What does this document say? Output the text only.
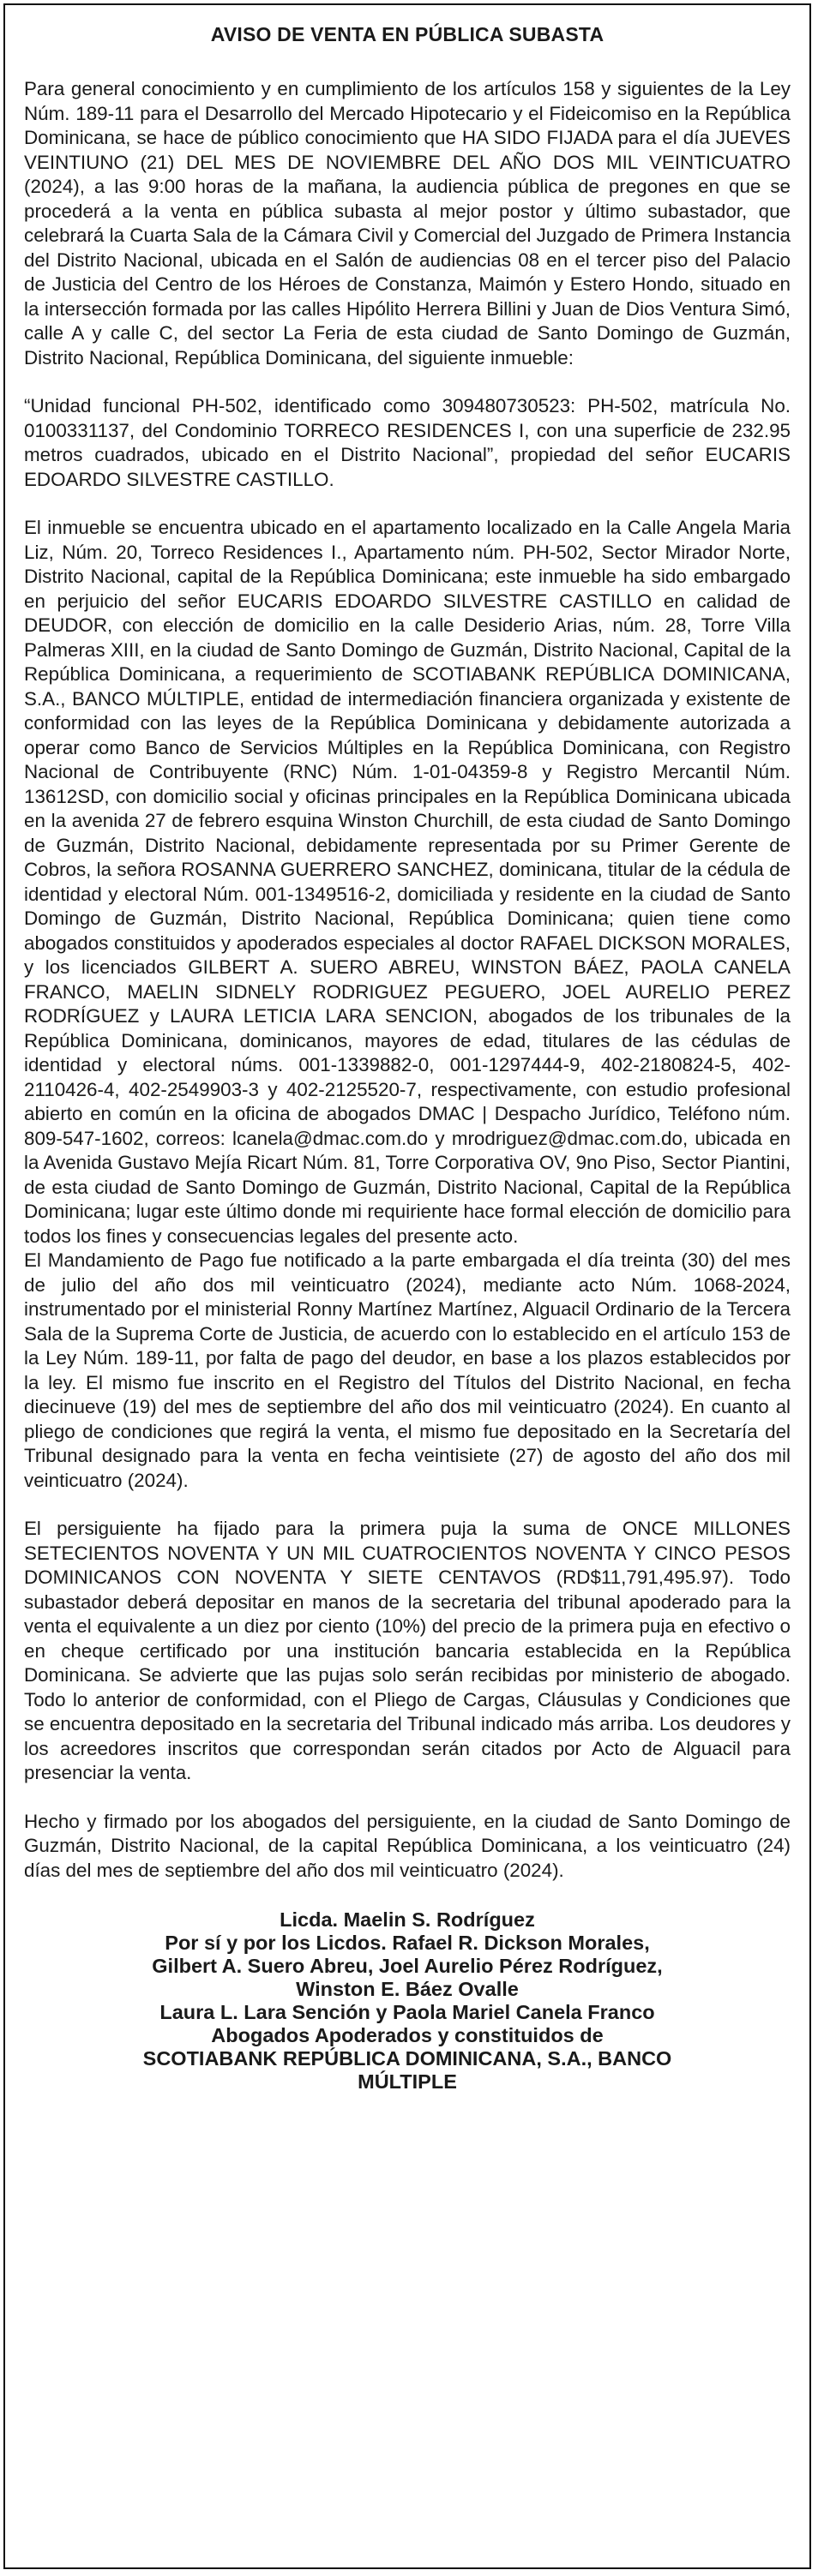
AVISO DE VENTA EN PÚBLICA SUBASTA

Para general conocimiento y en cumplimiento de los artículos 158 y siguientes de la Ley Núm. 189-11 para el Desarrollo del Mercado Hipotecario y el Fideicomiso en la República Dominicana, se hace de público conocimiento que HA SIDO FIJADA para el día JUEVES VEINTIUNO (21) DEL MES DE NOVIEMBRE DEL AÑO DOS MIL VEINTICUATRO (2024), a las 9:00 horas de la mañana, la audiencia pública de pregones en que se procederá a la venta en pública subasta al mejor postor y último subastador, que celebrará la Cuarta Sala de la Cámara Civil y Comercial del Juzgado de Primera Instancia del Distrito Nacional, ubicada en el Salón de audiencias 08 en el tercer piso del Palacio de Justicia del Centro de los Héroes de Constanza, Maimón y Estero Hondo, situado en la intersección formada por las calles Hipólito Herrera Billini y Juan de Dios Ventura Simó, calle A y calle C, del sector La Feria de esta ciudad de Santo Domingo de Guzmán, Distrito Nacional, República Dominicana, del siguiente inmueble:

“Unidad funcional PH-502, identificado como 309480730523: PH-502, matrícula No. 0100331137, del Condominio TORRECO RESIDENCES I, con una superficie de 232.95 metros cuadrados, ubicado en el Distrito Nacional”, propiedad del señor EUCARIS EDOARDO SILVESTRE CASTILLO.

El inmueble se encuentra ubicado en el apartamento localizado en la Calle Angela Maria Liz, Núm. 20, Torreco Residences I., Apartamento núm. PH-502, Sector Mirador Norte, Distrito Nacional, capital de la República Dominicana; este inmueble ha sido embargado en perjuicio del señor EUCARIS EDOARDO SILVESTRE CASTILLO en calidad de DEUDOR, con elección de domicilio en la calle Desiderio Arias, núm. 28, Torre Villa Palmeras XIII, en la ciudad de Santo Domingo de Guzmán, Distrito Nacional, Capital de la República Dominicana, a requerimiento de SCOTIABANK REPÚBLICA DOMINICANA, S.A., BANCO MÚLTIPLE, entidad de intermediación financiera organizada y existente de conformidad con las leyes de la República Dominicana y debidamente autorizada a operar como Banco de Servicios Múltiples en la República Dominicana, con Registro Nacional de Contribuyente (RNC) Núm. 1-01-04359-8 y Registro Mercantil Núm. 13612SD, con domicilio social y oficinas principales en la República Dominicana ubicada en la avenida 27 de febrero esquina Winston Churchill, de esta ciudad de Santo Domingo de Guzmán, Distrito Nacional, debidamente representada por su Primer Gerente de Cobros, la señora ROSANNA GUERRERO SANCHEZ, dominicana, titular de la cédula de identidad y electoral Núm. 001-1349516-2, domiciliada y residente en la ciudad de Santo Domingo de Guzmán, Distrito Nacional, República Dominicana; quien tiene como abogados constituidos y apoderados especiales al doctor RAFAEL DICKSON MORALES, y los licenciados GILBERT A. SUERO ABREU, WINSTON BÁEZ, PAOLA CANELA FRANCO, MAELIN SIDNELY RODRIGUEZ PEGUERO, JOEL AURELIO PEREZ RODRÍGUEZ y LAURA LETICIA LARA SENCION, abogados de los tribunales de la República Dominicana, dominicanos, mayores de edad, titulares de las cédulas de identidad y electoral núms. 001-1339882-0, 001-1297444-9, 402-2180824-5, 402-2110426-4, 402-2549903-3 y 402-2125520-7, respectivamente, con estudio profesional abierto en común en la oficina de abogados DMAC | Despacho Jurídico, Teléfono núm. 809-547-1602, correos: lcanela@dmac.com.do y mrodriguez@dmac.com.do, ubicada en la Avenida Gustavo Mejía Ricart Núm. 81, Torre Corporativa OV, 9no Piso, Sector Piantini, de esta ciudad de Santo Domingo de Guzmán, Distrito Nacional, Capital de la República Dominicana; lugar este último donde mi requiriente hace formal elección de domicilio para todos los fines y consecuencias legales del presente acto.

El Mandamiento de Pago fue notificado a la parte embargada el día treinta (30) del mes de julio del año dos mil veinticuatro (2024), mediante acto Núm. 1068-2024, instrumentado por el ministerial Ronny Martínez Martínez, Alguacil Ordinario de la Tercera Sala de la Suprema Corte de Justicia, de acuerdo con lo establecido en el artículo 153 de la Ley Núm. 189-11, por falta de pago del deudor, en base a los plazos establecidos por la ley. El mismo fue inscrito en el Registro del Títulos del Distrito Nacional, en fecha diecinueve (19) del mes de septiembre del año dos mil veinticuatro (2024). En cuanto al pliego de condiciones que regirá la venta, el mismo fue depositado en la Secretaría del Tribunal designado para la venta en fecha veintisiete (27) de agosto del año dos mil veinticuatro (2024).

El persiguiente ha fijado para la primera puja la suma de ONCE MILLONES SETECIENTOS NOVENTA Y UN MIL CUATROCIENTOS NOVENTA Y CINCO PESOS DOMINICANOS CON NOVENTA Y SIETE CENTAVOS (RD$11,791,495.97). Todo subastador deberá depositar en manos de la secretaria del tribunal apoderado para la venta el equivalente a un diez por ciento (10%) del precio de la primera puja en efectivo o en cheque certificado por una institución bancaria establecida en la República Dominicana. Se advierte que las pujas solo serán recibidas por ministerio de abogado. Todo lo anterior de conformidad, con el Pliego de Cargas, Cláusulas y Condiciones que se encuentra depositado en la secretaria del Tribunal indicado más arriba. Los deudores y los acreedores inscritos que correspondan serán citados por Acto de Alguacil para presenciar la venta.

Hecho y firmado por los abogados del persiguiente, en la ciudad de Santo Domingo de Guzmán, Distrito Nacional, de la capital República Dominicana, a los veinticuatro (24) días del mes de septiembre del año dos mil veinticuatro (2024).

Licda. Maelin S. Rodríguez
Por sí y por los Licdos. Rafael R. Dickson Morales,
Gilbert A. Suero Abreu, Joel Aurelio Pérez Rodríguez,
Winston E. Báez Ovalle
Laura L. Lara Sención y Paola Mariel Canela Franco
Abogados Apoderados y constituidos de
SCOTIABANK REPÚBLICA DOMINICANA, S.A., BANCO
MÚLTIPLE
